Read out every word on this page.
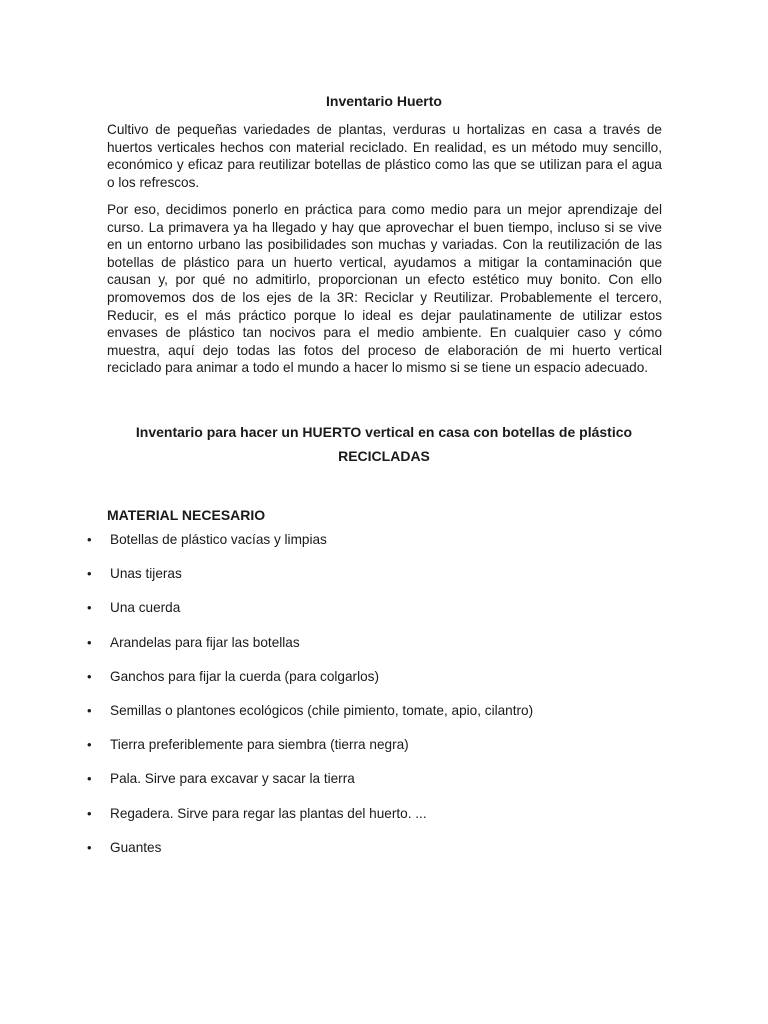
Inventario Huerto

Cultivo de pequeñas variedades de plantas, verduras u hortalizas en casa a través de huertos verticales hechos con material reciclado. En realidad, es un método muy sencillo, económico y eficaz para reutilizar botellas de plástico como las que se utilizan para el agua o los refrescos.

Por eso, decidimos ponerlo en práctica para como medio para un mejor aprendizaje del curso. La primavera ya ha llegado y hay que aprovechar el buen tiempo, incluso si se vive en un entorno urbano las posibilidades son muchas y variadas. Con la reutilización de las botellas de plástico para un huerto vertical, ayudamos a mitigar la contaminación que causan y, por qué no admitirlo, proporcionan un efecto estético muy bonito. Con ello promovemos dos de los ejes de la 3R: Reciclar y Reutilizar. Probablemente el tercero, Reducir, es el más práctico porque lo ideal es dejar paulatinamente de utilizar estos envases de plástico tan nocivos para el medio ambiente. En cualquier caso y cómo muestra, aquí dejo todas las fotos del proceso de elaboración de mi huerto vertical reciclado para animar a todo el mundo a hacer lo mismo si se tiene un espacio adecuado.

Inventario para hacer un HUERTO vertical en casa con botellas de plástico
RECICLADAS
MATERIAL NECESARIO
• Botellas de plástico vacías y limpias
• Unas tijeras
• Una cuerda
• Arandelas para fijar las botellas
• Ganchos para fijar la cuerda (para colgarlos)
• Semillas o plantones ecológicos (chile pimiento, tomate, apio, cilantro)
• Tierra preferiblemente para siembra (tierra negra)
• Pala. Sirve para excavar y sacar la tierra
• Regadera. Sirve para regar las plantas del huerto. ...
• Guantes
